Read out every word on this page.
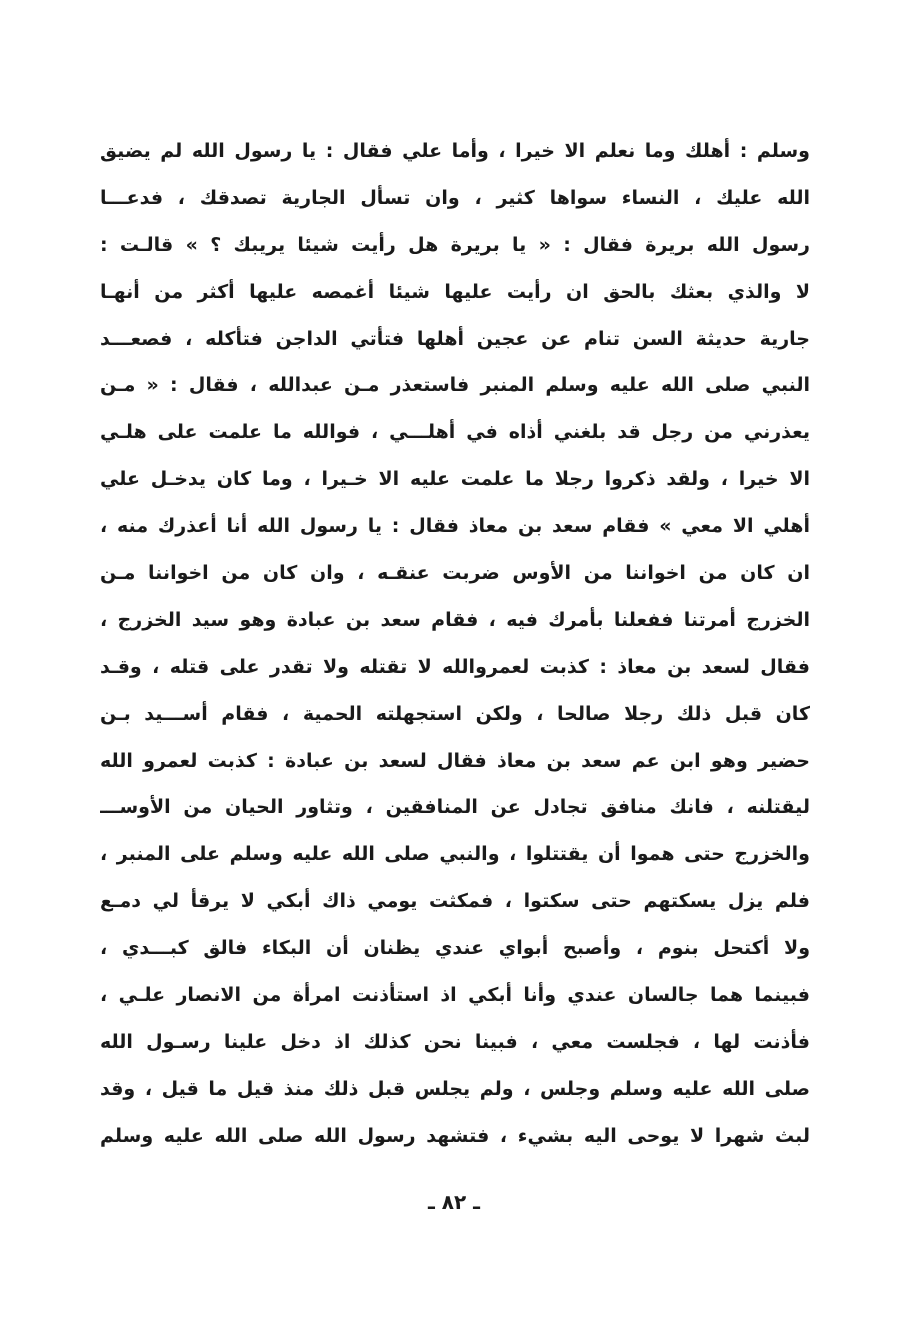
وسلم : أهلك وما نعلم الا خيرا ، وأما علي فقال : يا رسول الله لم يضيق
الله عليك ، النساء سواها كثير ، وان تسأل الجارية تصدقك ، فدعـــا
رسول الله بريرة فقال : « يا بريرة هل رأيت شيئا يريبك ؟ » قالـت :
لا والذي بعثك بالحق ان رأيت عليها شيئا أغمصه عليها أكثر من أنهـا
جارية حديثة السن تنام عن عجين أهلها فتأتي الداجن فتأكله ، فصعـــد
النبي صلى الله عليه وسلم المنبر فاستعذر مـن عبدالله ، فقال : « مـن
يعذرني من رجل قد بلغني أذاه في أهلـــي ، فوالله ما علمت على هلـي
الا خيرا ، ولقد ذكروا رجلا ما علمت عليه الا خـيرا ، وما كان يدخـل علي
أهلي الا معي » فقام سعد بن معاذ فقال : يا رسول الله أنا أعذرك منه ،
ان كان من اخواننا من الأوس ضربت عنقـه ، وان كان من اخواننا مـن
الخزرج أمرتنا ففعلنا بأمرك فيه ، فقام سعد بن عبادة وهو سيد الخزرج ،
فقال لسعد بن معاذ : كذبت لعمروالله لا تقتله ولا تقدر على قتله ، وقـد
كان قبل ذلك رجلا صالحا ، ولكن استجهلته الحمية ، فقام أســـيد بـن
حضير وهو ابن عم سعد بن معاذ فقال لسعد بن عبادة : كذبت لعمرو الله
ليقتلنه ، فانك منافق تجادل عن المنافقين ، وتثاور الحيان من الأوســـ
والخزرج حتى هموا أن يقتتلوا ، والنبي صلى الله عليه وسلم على المنبر ،
فلم يزل يسكتهم حتى سكتوا ، فمكثت يومي ذاك أبكي لا يرقأ لي دمـع
ولا أكتحل بنوم ، وأصبح أبواي عندي يظنان أن البكاء فالق كبـــدي ،
فبينما هما جالسان عندي وأنا أبكي اذ استأذنت امرأة من الانصار علـي ،
فأذنت لها ، فجلست معي ، فبينا نحن كذلك اذ دخل علينا رسـول الله
صلى الله عليه وسلم وجلس ، ولم يجلس قبل ذلك منذ قيل ما قيل ، وقد
لبث شهرا لا يوحى اليه بشيء ، فتشهد رسول الله صلى الله عليه وسلم
ـ ٨٢ ـ
